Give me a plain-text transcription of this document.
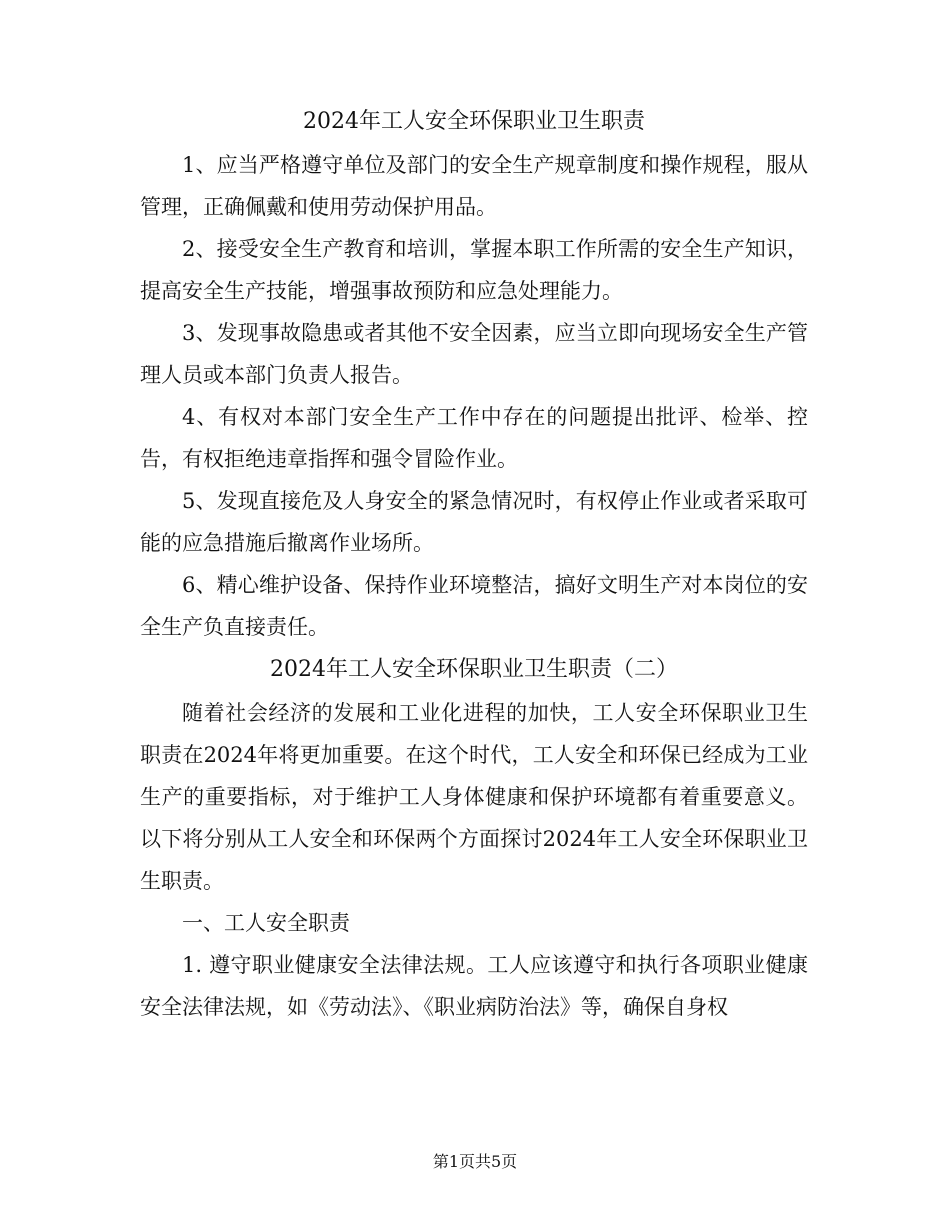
2024年工人安全环保职业卫生职责

1、应当严格遵守单位及部门的安全生产规章制度和操作规程，服从管理，正确佩戴和使用劳动保护用品。

2、接受安全生产教育和培训，掌握本职工作所需的安全生产知识，提高安全生产技能，增强事故预防和应急处理能力。

3、发现事故隐患或者其他不安全因素，应当立即向现场安全生产管理人员或本部门负责人报告。

4、有权对本部门安全生产工作中存在的问题提出批评、检举、控告，有权拒绝违章指挥和强令冒险作业。

5、发现直接危及人身安全的紧急情况时，有权停止作业或者采取可能的应急措施后撤离作业场所。

6、精心维护设备、保持作业环境整洁，搞好文明生产对本岗位的安全生产负直接责任。

2024年工人安全环保职业卫生职责（二）

随着社会经济的发展和工业化进程的加快，工人安全环保职业卫生职责在2024年将更加重要。在这个时代，工人安全和环保已经成为工业生产的重要指标，对于维护工人身体健康和保护环境都有着重要意义。以下将分别从工人安全和环保两个方面探讨2024年工人安全环保职业卫生职责。

一、工人安全职责

1. 遵守职业健康安全法律法规。工人应该遵守和执行各项职业健康安全法律法规，如《劳动法》、《职业病防治法》等，确保自身权

第1页共5页
